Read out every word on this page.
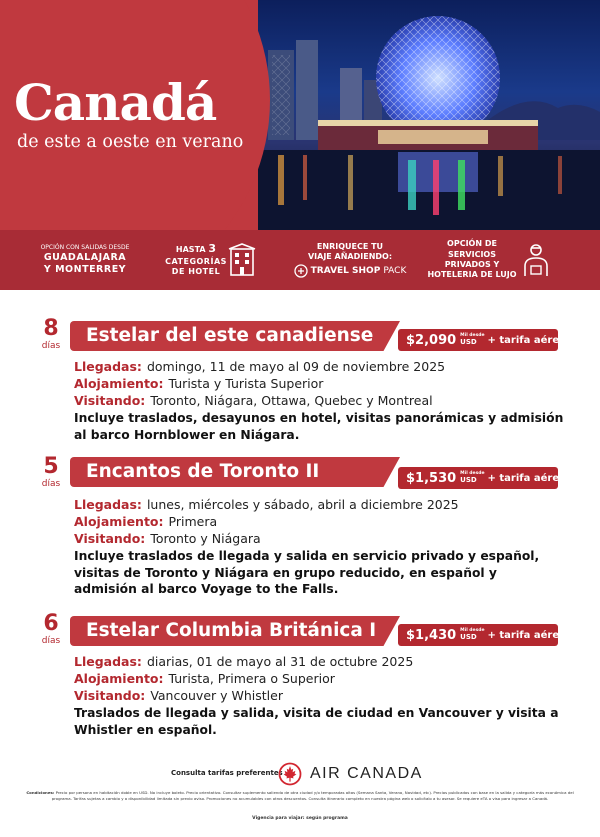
Canadá
de este a oeste en verano
OPCIÓN CON SALIDAS DESDE
GUADALAJARA
Y MONTERREY
HASTA 3
CATEGORÍAS
DE HOTEL
ENRIQUECE TU
VIAJE AÑADIENDO:
TRAVEL SHOP PACK
OPCIÓN DE SERVICIOS
PRIVADOS Y
HOTELERIA DE LUJO
8
días	Estelar del este canadiense	$2,090 Mil desde
USD	+ tarifa aérea
Llegadas: domingo, 11 de mayo al 09 de noviembre 2025
Alojamiento: Turista y Turista Superior
Visitando: Toronto, Niágara, Ottawa, Quebec y Montreal
Incluye traslados, desayunos en hotel, visitas panorámicas y admisión al barco Hornblower en Niágara.
5
días
Encantos de Toronto II	$1,530 Mil desde
USD	+ tarifa aérea
Llegadas: lunes, miércoles y sábado, abril a diciembre 2025
Alojamiento: Primera
Visitando: Toronto y Niágara
Incluye traslados de llegada y salida en servicio privado y español, visitas de Toronto y Niágara en grupo reducido, en español y admisión al barco Voyage to the Falls.
6
días	Estelar Columbia Británica I $1,430 Mil desde
USD	+ tarifa aérea
Llegadas: diarias, 01 de mayo al 31 de octubre 2025
Alojamiento: Turista, Primera o Superior
Visitando: Vancouver y Whistler
Traslados de llegada y salida, visita de ciudad en Vancouver y visita a Whistler en español.
Consulta tarifas preferentes AIR CANADA
Condiciones: Precio por persona en habitación doble en USD. No incluye boleto. Precio orientativo. Consultar suplemento saliendo de otra ciudad y/o temporadas altas (Semana Santa, Verano, Navidad, etc). Precios publicados con base en la salida y categoría más económica del programa. Tarifas sujetas a cambio y a disponibilidad limitada sin previo aviso. Promociones no acumulables con otros descuentos. Consulta itinerario completo en nuestra página web o solicítalo a tu asesor. Se requiere eTA o visa para ingresar a Canadá.
Vigencia para viajar: según programa
